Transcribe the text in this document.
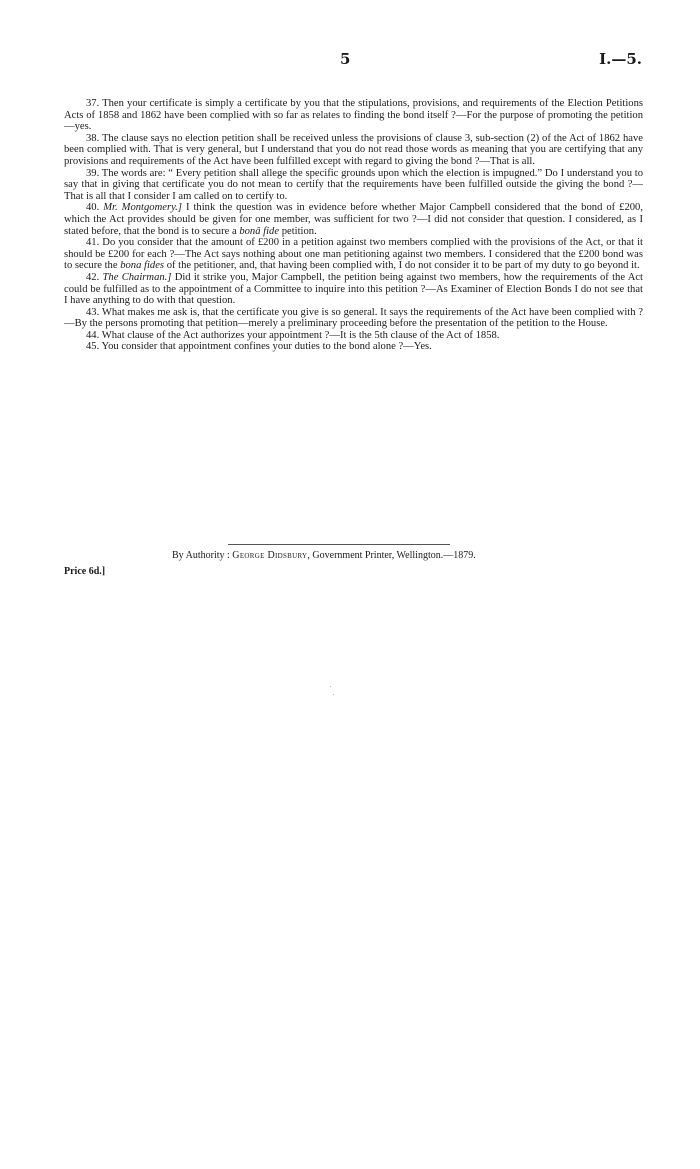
5	I.—5.

37. Then your certificate is simply a certificate by you that the stipulations, provisions, and requirements of the Election Petitions Acts of 1858 and 1862 have been complied with so far as relates to finding the bond itself ?—For the purpose of promoting the petition—yes.

38. The clause says no election petition shall be received unless the provisions of clause 3, sub-section (2) of the Act of 1862 have been complied with. That is very general, but I understand that you do not read those words as meaning that you are certifying that any provisions and requirements of the Act have been fulfilled except with regard to giving the bond ?—That is all.

39. The words are: “ Every petition shall allege the specific grounds upon which the election is impugned.” Do I understand you to say that in giving that certificate you do not mean to certify that the requirements have been fulfilled outside the giving the bond ?—That is all that I consider I am called on to certify to.

40. Mr. Montgomery.] I think the question was in evidence before whether Major Campbell considered that the bond of £200, which the Act provides should be given for one member, was sufficient for two ?—I did not consider that question. I considered, as I stated before, that the bond is to secure a bonâ fide petition.

41. Do you consider that the amount of £200 in a petition against two members complied with the provisions of the Act, or that it should be £200 for each ?—The Act says nothing about one man petitioning against two members. I considered that the £200 bond was to secure the bona fides of the petitioner, and, that having been complied with, I do not consider it to be part of my duty to go beyond it.

42. The Chairman.] Did it strike you, Major Campbell, the petition being against two members, how the requirements of the Act could be fulfilled as to the appointment of a Committee to inquire into this petition ?—As Examiner of Election Bonds I do not see that I have anything to do with that question.

43. What makes me ask is, that the certificate you give is so general. It says the requirements of the Act have been complied with ?—By the persons promoting that petition—merely a preliminary proceeding before the presentation of the petition to the House.

44. What clause of the Act authorizes your appointment ?—It is the 5th clause of the Act of 1858.

45. You consider that appointment confines your duties to the bond alone ?—Yes.

By Authority : George Didsbury, Government Printer, Wellington.—1879.
Price 6d.]
